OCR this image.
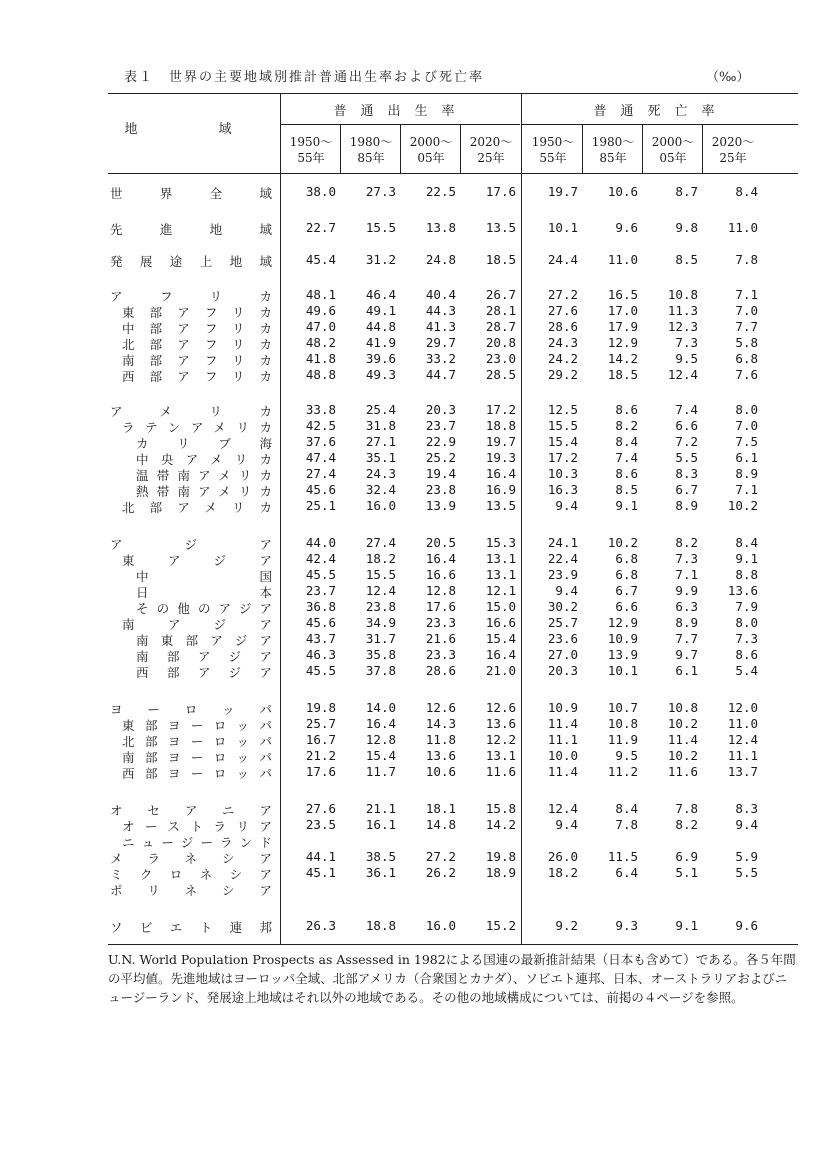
表１　世界の主要地域別推計普通出生率および死亡率	（‰）
地　域
普通出生率	普通死亡率
1950～
55年
1980～
85年
2000～
05年
2020～
25年
1950～
55年
1980～
85年
2000～
05年
2020～
25年
世界全域	38.0	27.3	22.5	17.6	19.7	10.6	8.7	8.4
先進地域	22.7	15.5	13.8	13.5	10.1	9.6	9.8	11.0
発展途上地域	45.4	31.2	24.8	18.5	24.4	11.0	8.5	7.8
アフリカ	48.1	46.4	40.4	26.7	27.2	16.5	10.8	7.1
東部アフリカ	49.6	49.1	44.3	28.1	27.6	17.0	11.3	7.0
中部アフリカ	47.0	44.8	41.3	28.7	28.6	17.9	12.3	7.7
北部アフリカ	48.2	41.9	29.7	20.8	24.3	12.9	7.3	5.8
南部アフリカ	41.8	39.6	33.2	23.0	24.2	14.2	9.5	6.8
西部アフリカ	48.8	49.3	44.7	28.5	29.2	18.5	12.4	7.6
アメリカ	33.8	25.4	20.3	17.2	12.5	8.6	7.4	8.0
ラテンアメリカ	42.5	31.8	23.7	18.8	15.5	8.2	6.6	7.0
カリブ海	37.6	27.1	22.9	19.7	15.4	8.4	7.2	7.5
中央アメリカ	47.4	35.1	25.2	19.3	17.2	7.4	5.5	6.1
温帯南アメリカ	27.4	24.3	19.4	16.4	10.3	8.6	8.3	8.9
熱帯南アメリカ	45.6	32.4	23.8	16.9	16.3	8.5	6.7	7.1
北部アメリカ	25.1	16.0	13.9	13.5	9.4	9.1	8.9	10.2
アジア	44.0	27.4	20.5	15.3	24.1	10.2	8.2	8.4
東アジア	42.4	18.2	16.4	13.1	22.4	6.8	7.3	9.1
中国	45.5	15.5	16.6	13.1	23.9	6.8	7.1	8.8
日本	23.7	12.4	12.8	12.1	9.4	6.7	9.9	13.6
その他のアジア	36.8	23.8	17.6	15.0	30.2	6.6	6.3	7.9
南アジア	45.6	34.9	23.3	16.6	25.7	12.9	8.9	8.0
南東部アジア	43.7	31.7	21.6	15.4	23.6	10.9	7.7	7.3
南部アジア	46.3	35.8	23.3	16.4	27.0	13.9	9.7	8.6
西部アジア	45.5	37.8	28.6	21.0	20.3	10.1	6.1	5.4
ヨーロッパ	19.8	14.0	12.6	12.6	10.9	10.7	10.8	12.0
東部ヨーロッパ	25.7	16.4	14.3	13.6	11.4	10.8	10.2	11.0
北部ヨーロッパ	16.7	12.8	11.8	12.2	11.1	11.9	11.4	12.4
南部ヨーロッパ	21.2	15.4	13.6	13.1	10.0	9.5	10.2	11.1
西部ヨーロッパ	17.6	11.7	10.6	11.6	11.4	11.2	11.6	13.7
オセアニア	27.6	21.1	18.1	15.8	12.4	8.4	7.8	8.3
オーストラリア	23.5	16.1	14.8	14.2	9.4	7.8	8.2	9.4
ニュージーランド
メラネシア	44.1	38.5	27.2	19.8	26.0	11.5	6.9	5.9
ミクロネシア	45.1	36.1	26.2	18.9	18.2	6.4	5.1	5.5
ポリネシア
ソビエト連邦	26.3	18.8	16.0	15.2	9.2	9.3	9.1	9.6
U.N. World Population Prospects as Assessed in 1982による国連の最新推計結果（日本も含めて）である。各５年間の平均値。先進地域はヨーロッパ全域、北部アメリカ（合衆国とカナダ）、ソビエト連邦、日本、オーストラリアおよびニュージーランド、発展途上地域はそれ以外の地域である。その他の地域構成については、前掲の４ページを参照。
